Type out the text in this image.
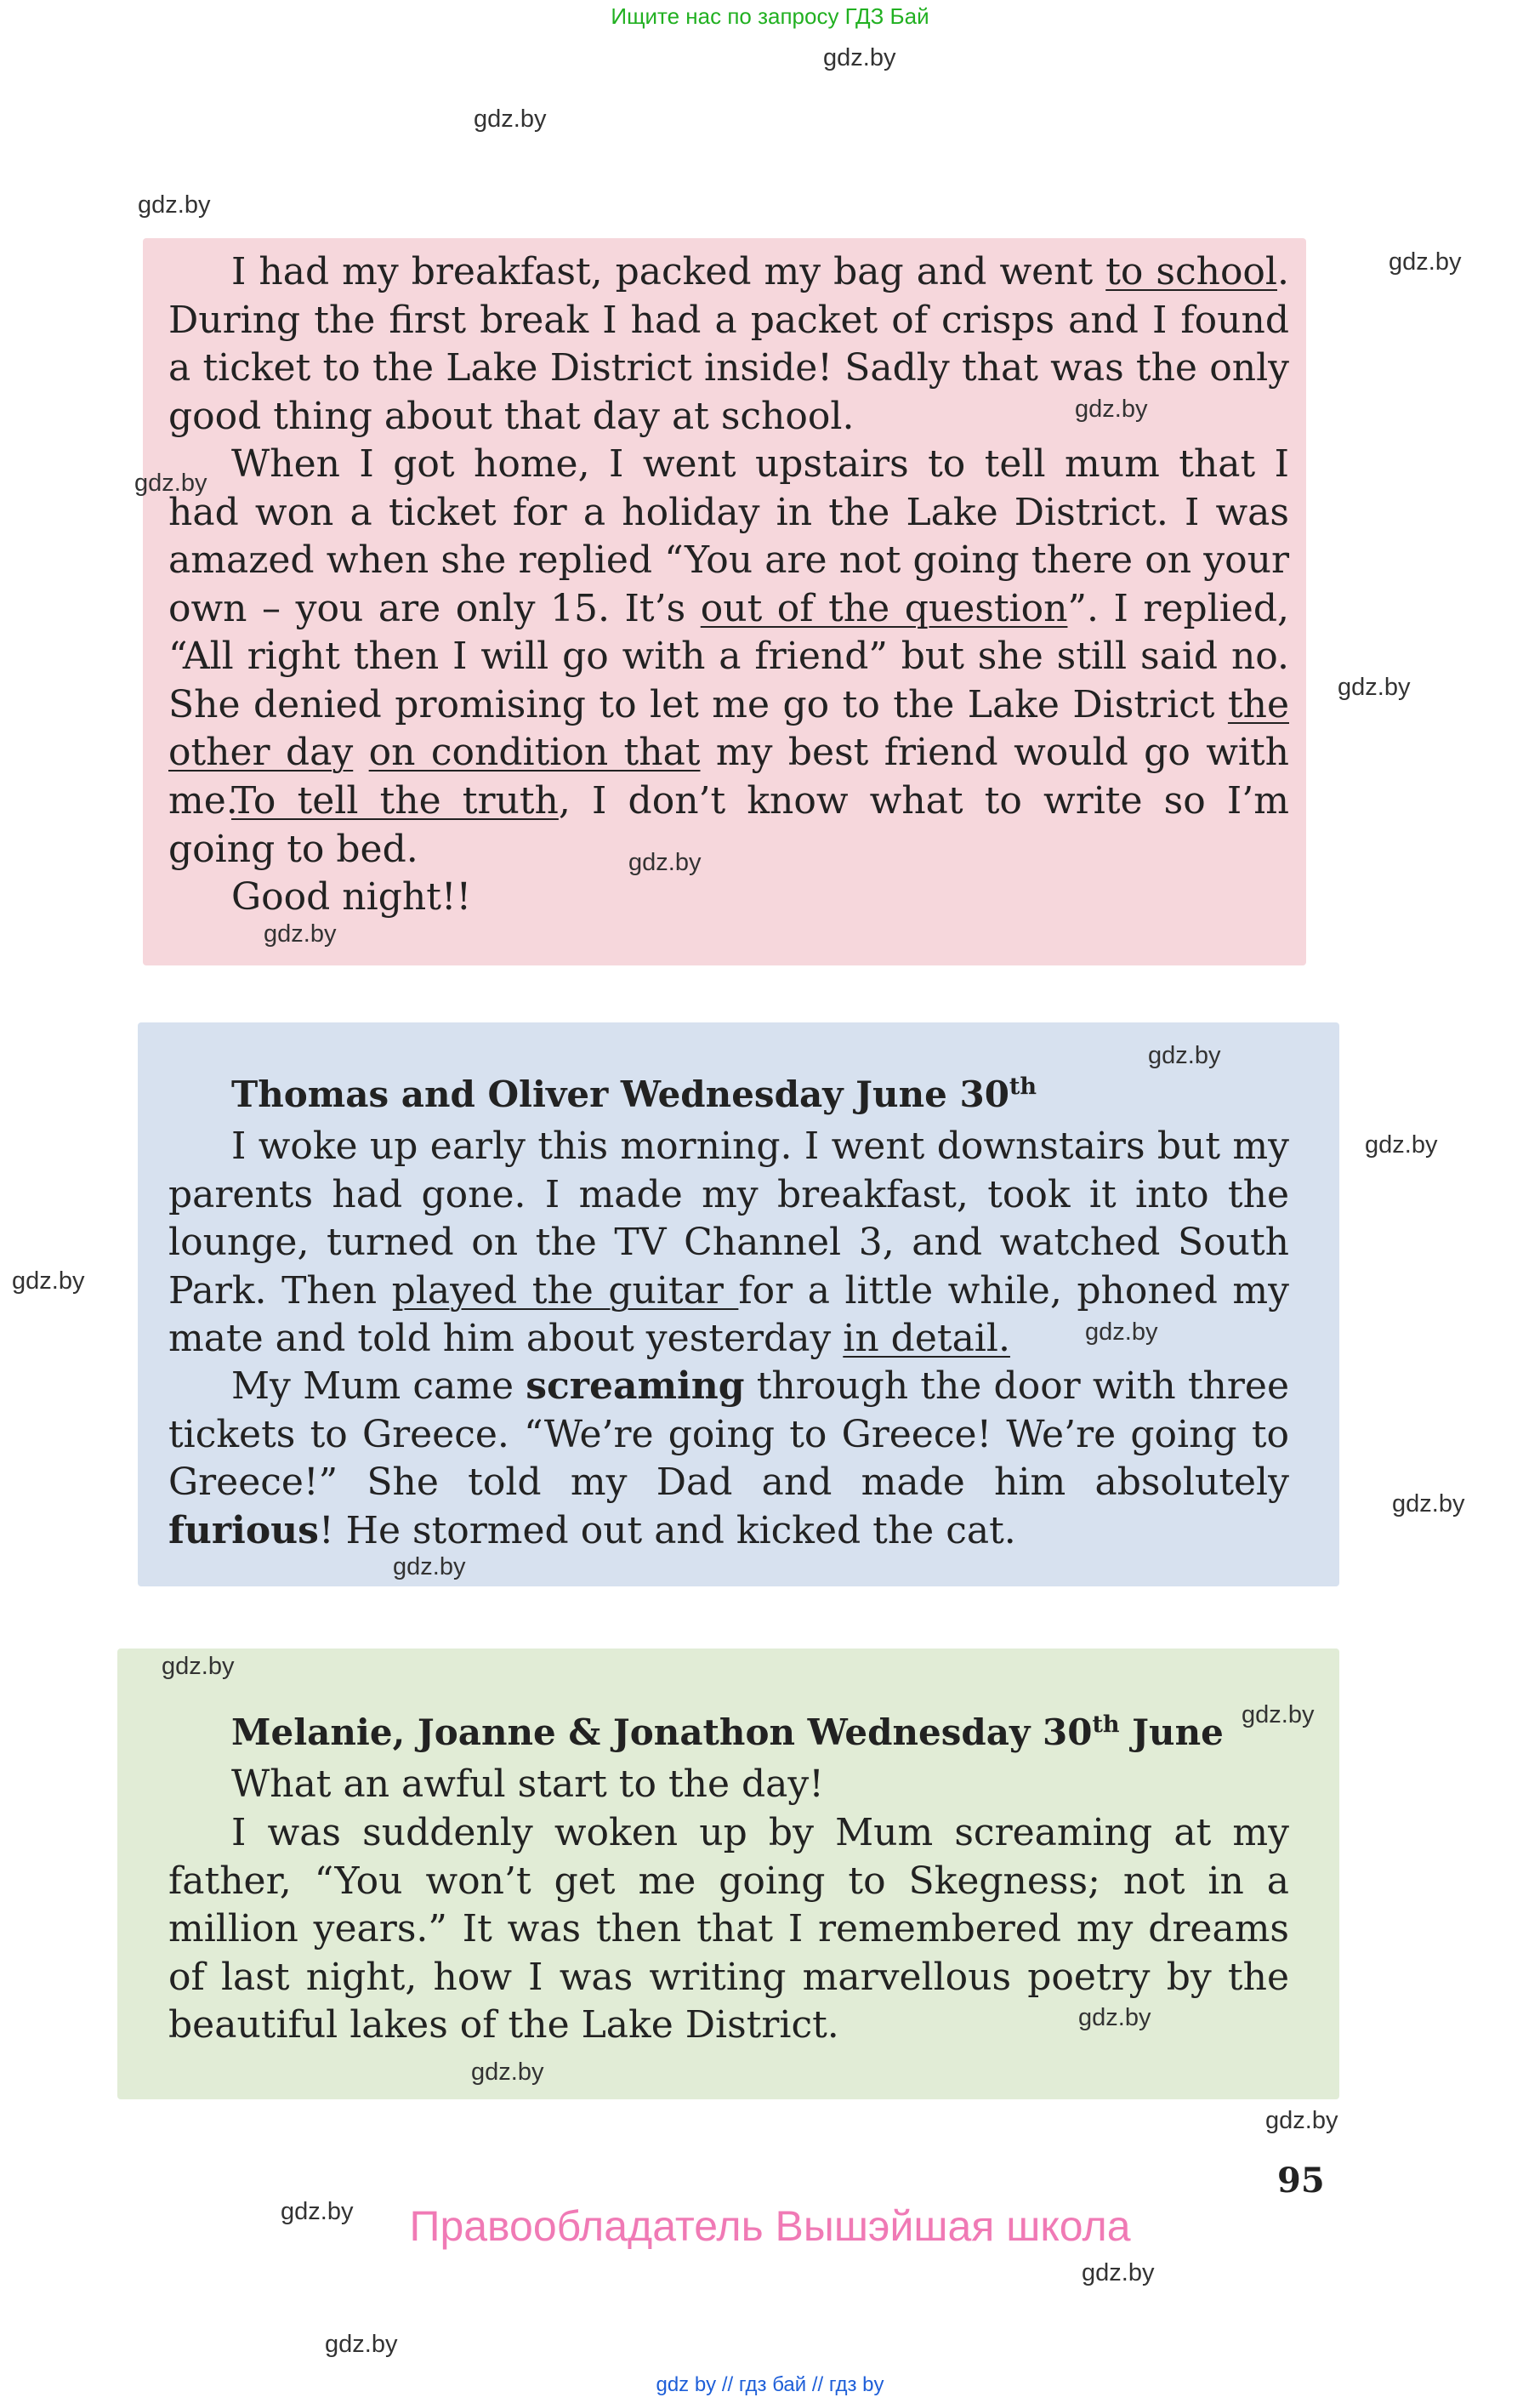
Ищите нас по запросу ГДЗ Бай

I had my breakfast, packed my bag and went to school. During the first break I had a packet of crisps and I found a ticket to the Lake District inside! Sadly that was the only good thing about that day at school.

When I got home, I went upstairs to tell mum that I had won a ticket for a holiday in the Lake District. I was amazed when she replied “You are not going there on your own – you are only 15. It’s out of the question”. I replied, “All right then I will go with a friend” but she still said no. She denied promising to let me go to the Lake District the other day on condition that my best friend would go with me.

To tell the truth, I don’t know what to write so I’m going to bed.

Good night!!

Thomas and Oliver Wednesday June 30th

I woke up early this morning. I went downstairs but my parents had gone. I made my breakfast, took it into the lounge, turned on the TV Channel 3, and watched South Park. Then played the guitar for a little while, phoned my mate and told him about yesterday in detail.

My Mum came screaming through the door with three tickets to Greece. “We’re going to Greece! We’re going to Greece!” She told my Dad and made him absolutely furious! He stormed out and kicked the cat.

Melanie, Joanne & Jonathon Wednesday 30th June

What an awful start to the day!

I was suddenly woken up by Mum screaming at my father, “You won’t get me going to Skegness; not in a million years.” It was then that I remembered my dreams of last night, how I was writing marvellous poetry by the beautiful lakes of the Lake District.

gdz.by
gdz.by
gdz.by
gdz.by
gdz.by
gdz.by
gdz.by
gdz.by
gdz.by
gdz.by
gdz.by
gdz.by
gdz.by
gdz.by
gdz.by
gdz.by
gdz.by
gdz.by
gdz.by
gdz.by
gdz.by
gdz.by
gdz.by
95
Правообладатель Вышэйшая школа
gdz by // гдз бай // гдз by
